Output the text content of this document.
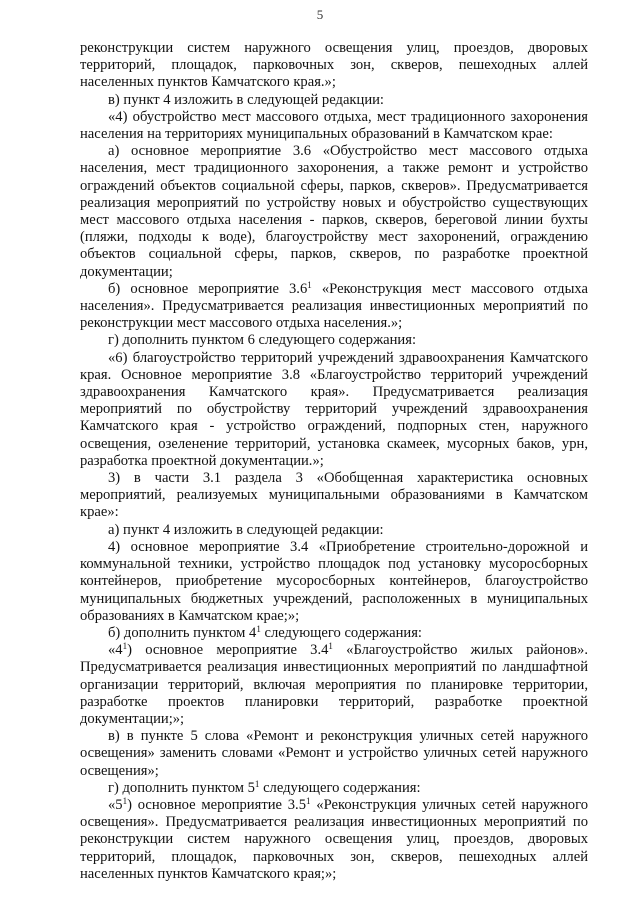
5

реконструкции систем наружного освещения улиц, проездов, дворовых территорий, площадок, парковочных зон, скверов, пешеходных аллей населенных пунктов Камчатского края.»;

в) пункт 4 изложить в следующей редакции:

«4) обустройство мест массового отдыха, мест традиционного захоронения населения на территориях муниципальных образований в Камчатском крае:

а) основное мероприятие 3.6 «Обустройство мест массового отдыха населения, мест традиционного захоронения, а также ремонт и устройство ограждений объектов социальной сферы, парков, скверов». Предусматривается реализация мероприятий по устройству новых и обустройство существующих мест массового отдыха населения - парков, скверов, береговой линии бухты (пляжи, подходы к воде), благоустройству мест захоронений, ограждению объектов социальной сферы, парков, скверов, по разработке проектной документации;

б) основное мероприятие $3.6^1$ «Реконструкция мест массового отдыха населения». Предусматривается реализация инвестиционных мероприятий по реконструкции мест массового отдыха населения.»;

г) дополнить пунктом 6 следующего содержания:

«6) благоустройство территорий учреждений здравоохранения Камчатского края. Основное мероприятие 3.8 «Благоустройство территорий учреждений здравоохранения Камчатского края». Предусматривается реализация мероприятий по обустройству территорий учреждений здравоохранения Камчатского края - устройство ограждений, подпорных стен, наружного освещения, озеленение территорий, установка скамеек, мусорных баков, урн, разработка проектной документации.»;

3) в части 3.1 раздела 3 «Обобщенная характеристика основных мероприятий, реализуемых муниципальными образованиями в Камчатском крае»:

а) пункт 4 изложить в следующей редакции:

4) основное мероприятие 3.4 «Приобретение строительно-дорожной и коммунальной техники, устройство площадок под установку мусоросборных контейнеров, приобретение мусоросборных контейнеров, благоустройство муниципальных бюджетных учреждений, расположенных в муниципальных образованиях в Камчатском крае;»;

б) дополнить пунктом $4^1$ следующего содержания:

«$4^1$) основное мероприятие $3.4^1$ «Благоустройство жилых районов». Предусматривается реализация инвестиционных мероприятий по ландшафтной организации территорий, включая мероприятия по планировке территории, разработке проектов планировки территорий, разработке проектной документации;»;

в) в пункте 5 слова «Ремонт и реконструкция уличных сетей наружного освещения» заменить словами «Ремонт и устройство уличных сетей наружного освещения»;

г) дополнить пунктом $5^1$ следующего содержания:

«$5^1$) основное мероприятие $3.5^1$ «Реконструкция уличных сетей наружного освещения». Предусматривается реализация инвестиционных мероприятий по реконструкции систем наружного освещения улиц, проездов, дворовых территорий, площадок, парковочных зон, скверов, пешеходных аллей населенных пунктов Камчатского края;»;
